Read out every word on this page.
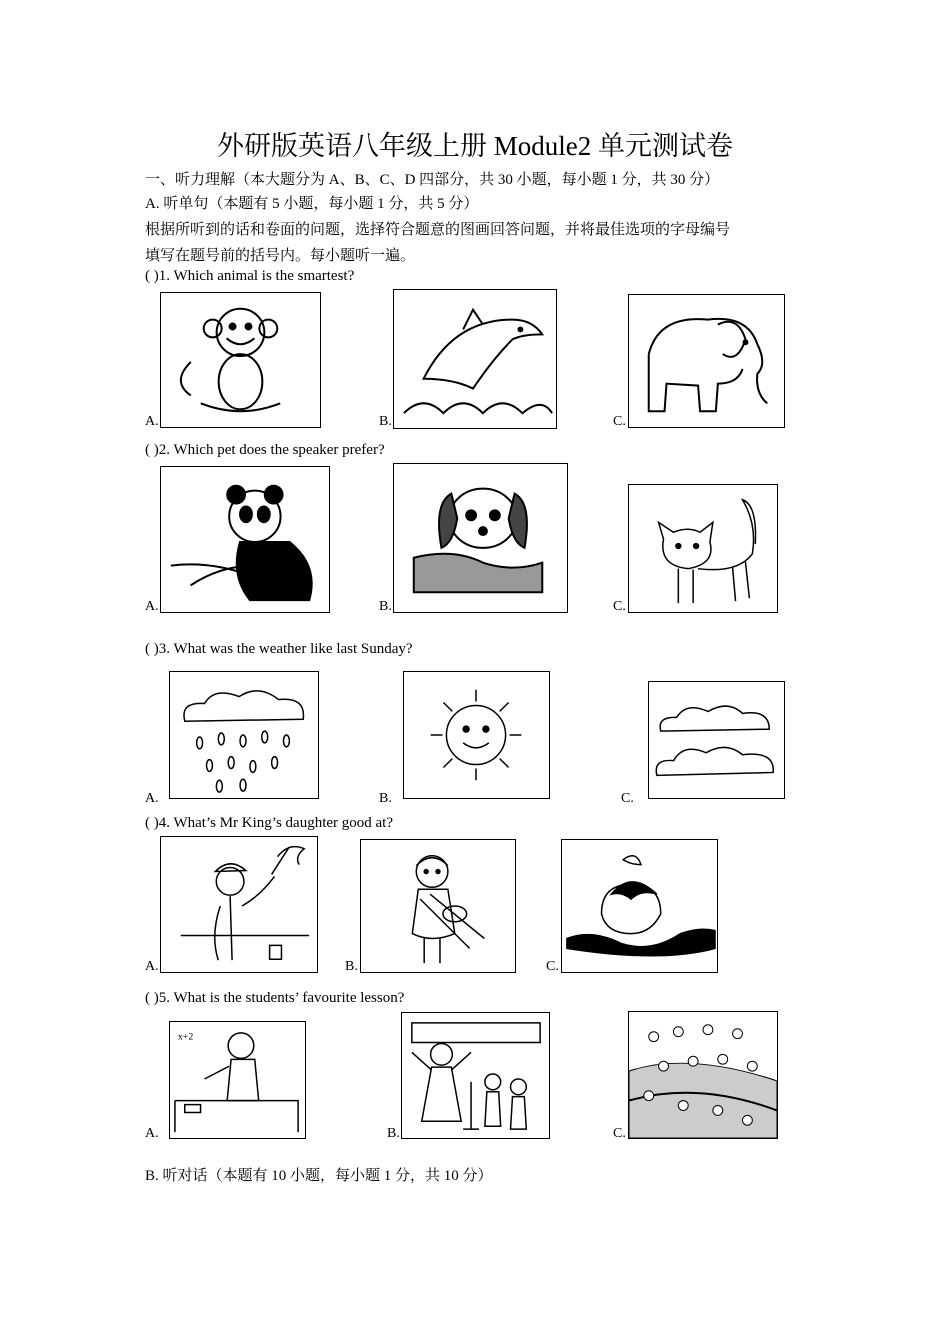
外研版英语八年级上册 Module2 单元测试卷
一、听力理解（本大题分为 A、B、C、D 四部分，共 30 小题，每小题 1 分，共 30 分）
A. 听单句（本题有 5 小题，每小题 1 分，共 5 分）
根据所听到的话和卷面的问题，选择符合题意的图画回答问题，并将最佳选项的字母编号
填写在题号前的括号内。每小题听一遍。
( )1. Which animal is the smartest?
A.	B.	C.
( )2. Which pet does the speaker prefer?
A.	B.	C.
( )3. What was the weather like last Sunday?
A.	B.	C.
( )4. What’s Mr King’s daughter good at?
A.	B.	C.
( )5. What is the students’ favourite lesson?
x+2
A.	B.	C.
B. 听对话（本题有 10 小题，每小题 1 分，共 10 分）
